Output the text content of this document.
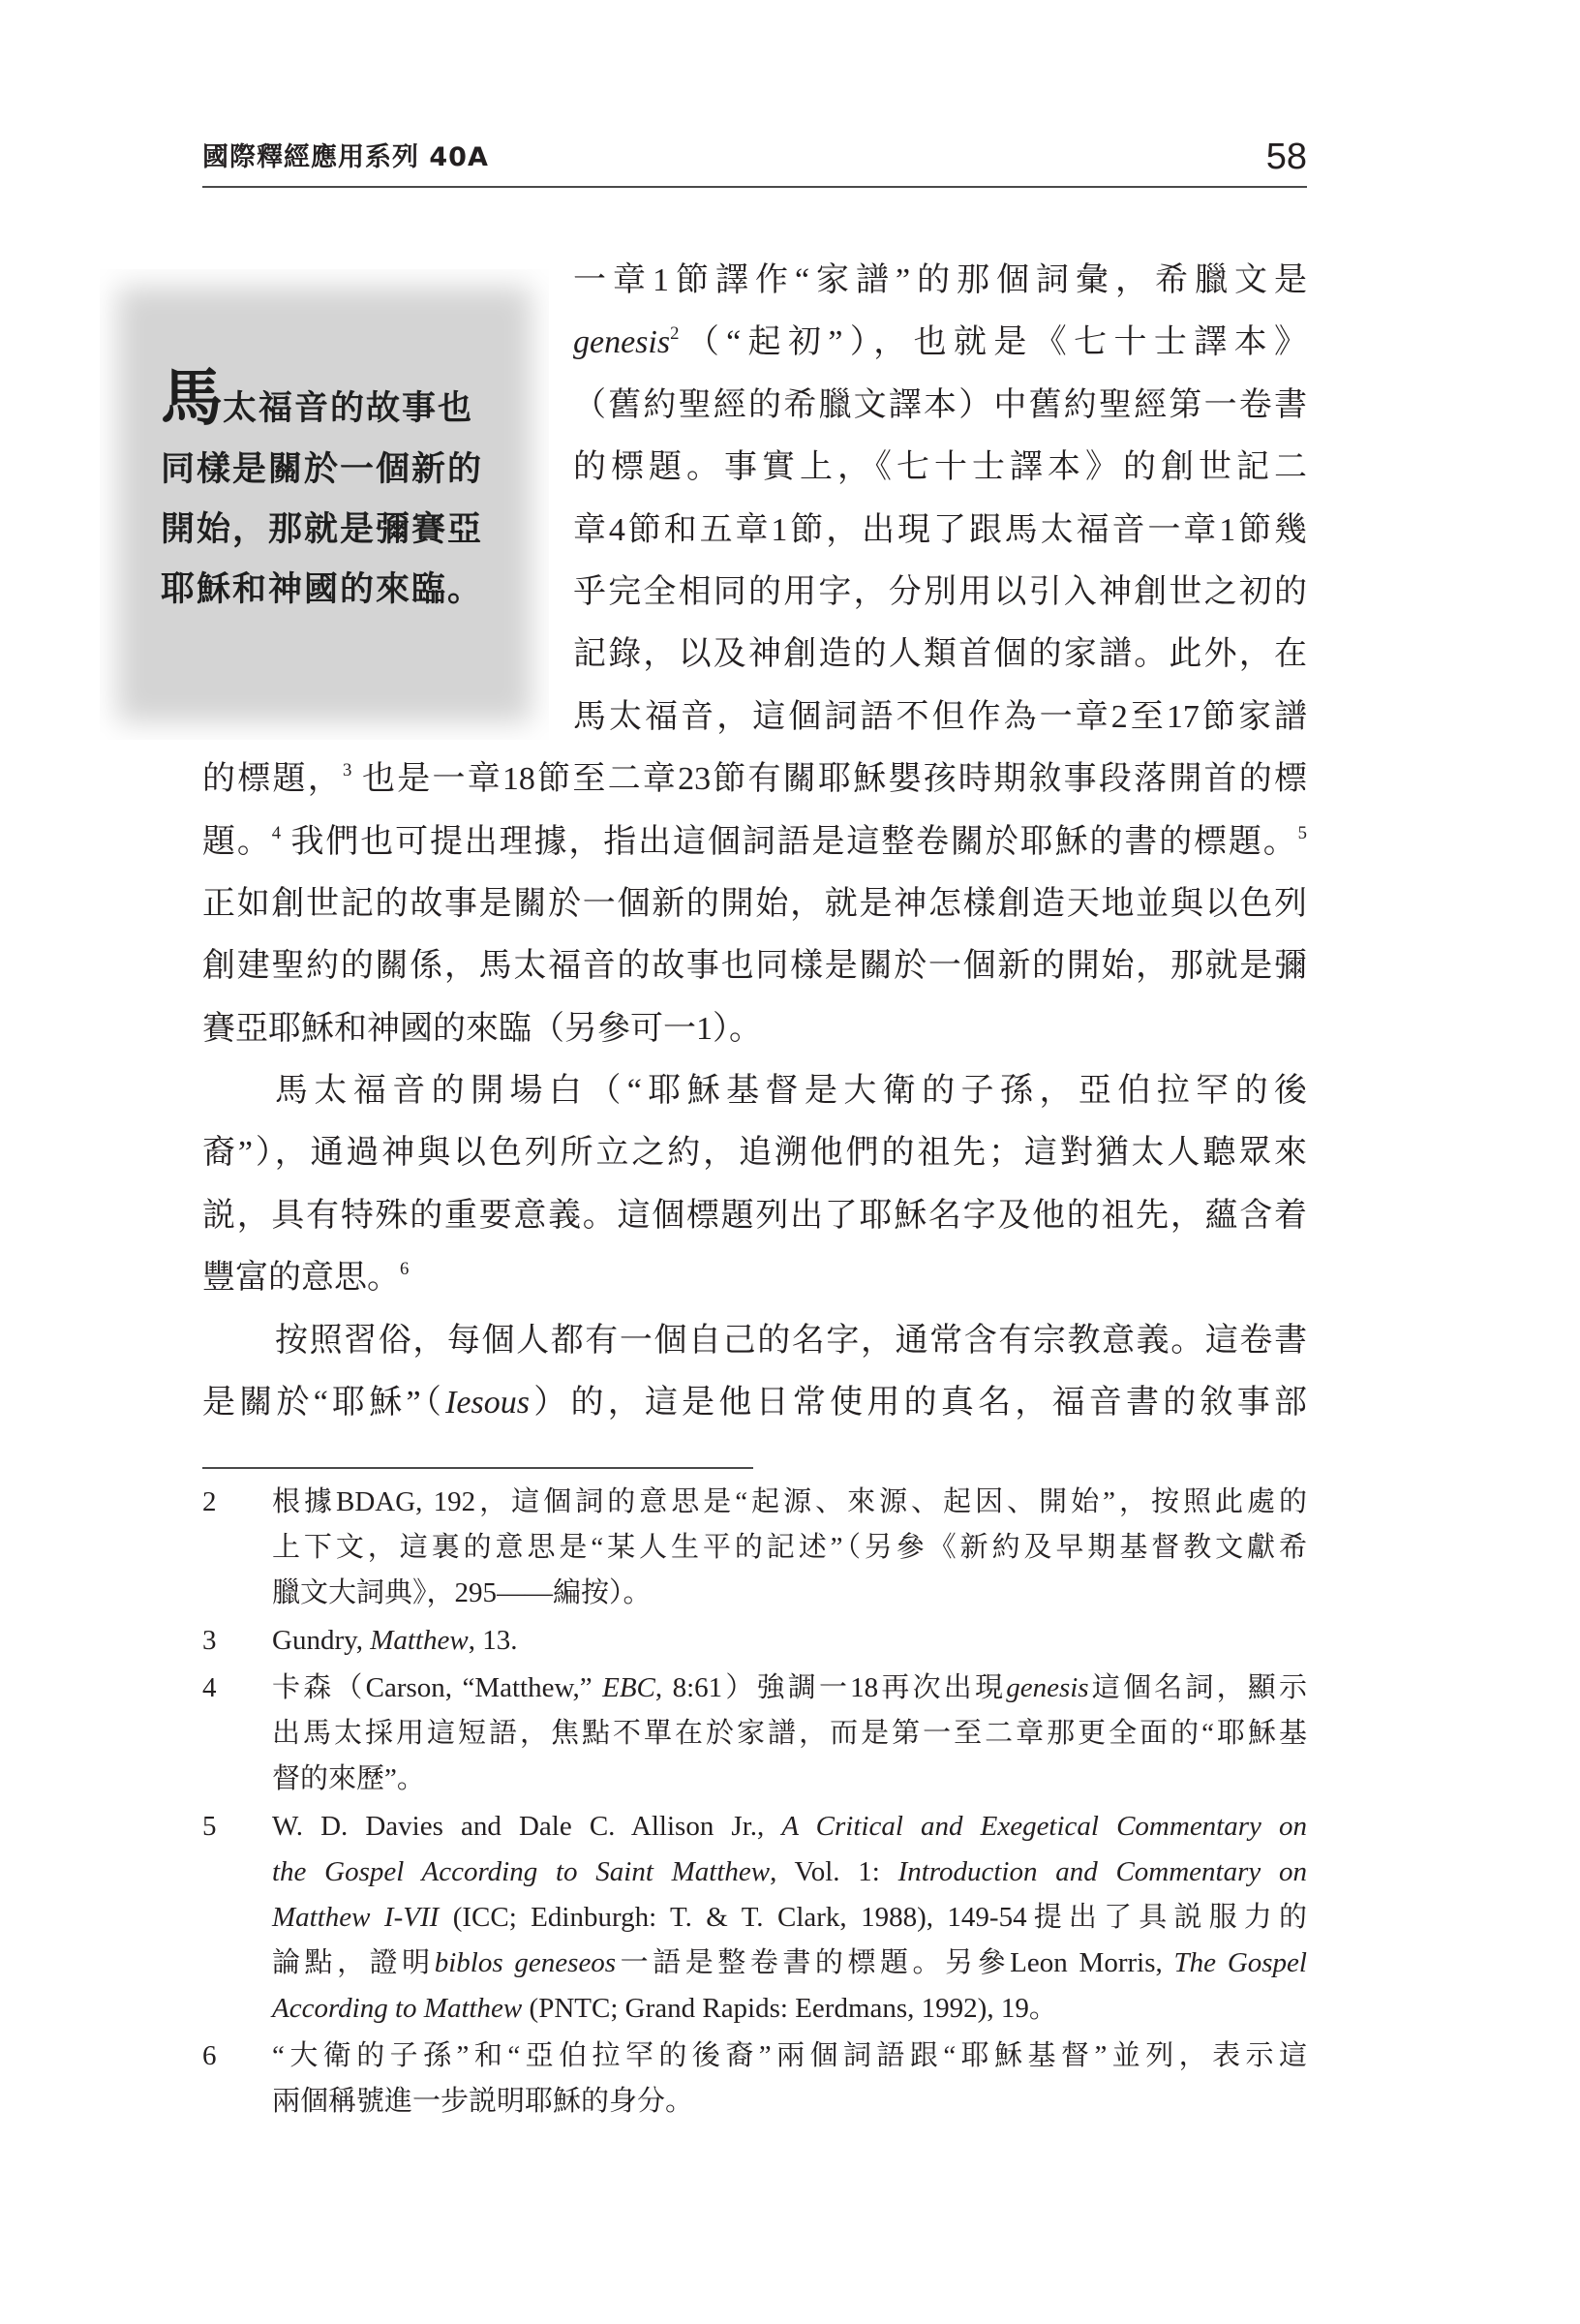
國際釋經應用系列 40A	58
馬太福音的故事也
同樣是關於一個新的
開始，那就是彌賽亞
耶穌和神國的來臨。
一章1節譯作“家譜”的那個詞彙，希臘文是
genesis$^2$（“起初”），也就是《七十士譯本》
（舊約聖經的希臘文譯本）中舊約聖經第一卷書
的標題。事實上，《七十士譯本》的創世記二
章4節和五章1節，出現了跟馬太福音一章1節幾
乎完全相同的用字，分別用以引入神創世之初的
記錄，以及神創造的人類首個的家譜。此外，在
馬太福音，這個詞語不但作為一章2至17節家譜
的標題，$^3$ 也是一章18節至二章23節有關耶穌嬰孩時期敘事段落開首的標
題。$^4$ 我們也可提出理據，指出這個詞語是這整卷關於耶穌的書的標題。$^5$
正如創世記的故事是關於一個新的開始，就是神怎樣創造天地並與以色列
創建聖約的關係，馬太福音的故事也同樣是關於一個新的開始，那就是彌
賽亞耶穌和神國的來臨（另參可一1）。
馬太福音的開場白（“耶穌基督是大衛的子孫，亞伯拉罕的後
裔”），通過神與以色列所立之約，追溯他們的祖先；這對猶太人聽眾來
説，具有特殊的重要意義。這個標題列出了耶穌名字及他的祖先，蘊含着
豐富的意思。$^6$
按照習俗，每個人都有一個自己的名字，通常含有宗教意義。這卷書
是關於“耶穌”（Iesous）的，這是他日常使用的真名，福音書的敘事部
2	根據BDAG, 192，這個詞的意思是“起源、來源、起因、開始”，按照此處的
上下文，這裏的意思是“某人生平的記述”（另參《新約及早期基督教文獻希
臘文大詞典》，295——編按）。
3	Gundry, Matthew, 13.
4	卡森（Carson, “Matthew,” EBC, 8:61）強調一18再次出現genesis這個名詞，顯示
出馬太採用這短語，焦點不單在於家譜，而是第一至二章那更全面的“耶穌基
督的來歷”。
5	W. D. Davies and Dale C. Allison Jr., A Critical and Exegetical Commentary on
the Gospel According to Saint Matthew, Vol. 1: Introduction and Commentary on
Matthew I-VII (ICC; Edinburgh: T. & T. Clark, 1988), 149-54提出了具説服力的
論點，證明biblos geneseos一語是整卷書的標題。另參Leon Morris, The Gospel
According to Matthew (PNTC; Grand Rapids: Eerdmans, 1992), 19。
6	“大衛的子孫”和“亞伯拉罕的後裔”兩個詞語跟“耶穌基督”並列，表示這
兩個稱號進一步説明耶穌的身分。
